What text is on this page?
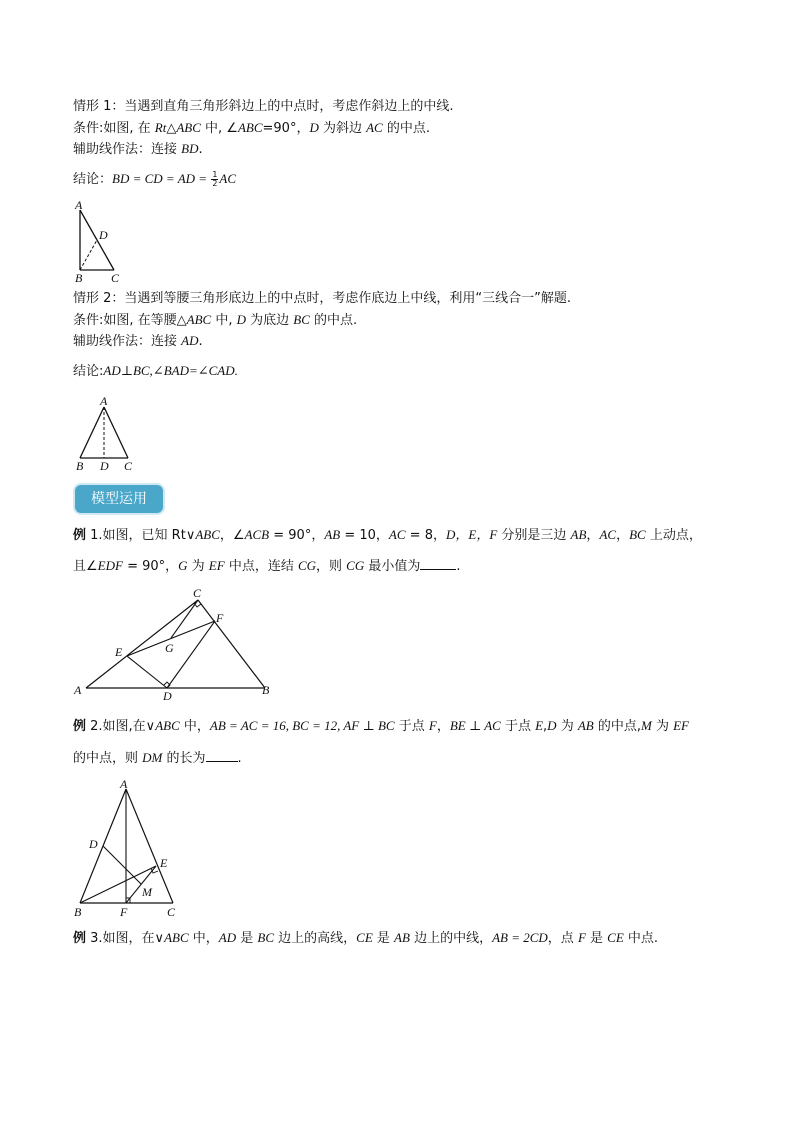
情形 1：当遇到直角三角形斜边上的中点时，考虑作斜边上的中线.
条件:如图, 在 Rt△ABC 中, ∠ABC=90°，D 为斜边 AC 的中点.
辅助线作法：连接 BD.
结论：BD = CD = AD = $\frac{1}{2}$ AC
A
D
B C
情形 2：当遇到等腰三角形底边上的中点时，考虑作底边上中线，利用“三线合一”解题.
条件:如图, 在等腰△ABC 中, D 为底边 BC 的中点.
辅助线作法：连接 AD.
结论:AD⊥BC,∠BAD=∠CAD.
A
B D C
模型运用
例 1.如图，已知 Rt∨ABC，∠ACB = 90°，AB = 10，AC = 8，D，E，F 分别是三边 AB，AC，BC 上动点，
且∠EDF = 90°，G 为 EF 中点，连结 CG，则 CG 最小值为	.
A	B
C
D
E
F
G
例 2.如图,在∨ABC 中，AB = AC = 16, BC = 12, AF ⊥ BC 于点 F，BE ⊥ AC 于点 E,D 为 AB 的中点,M 为 EF
的中点，则 DM 的长为 .
A
D
E
M
B	F	C
例 3.如图，在∨ABC 中，AD 是 BC 边上的高线，CE 是 AB 边上的中线，AB = 2CD，点 F 是 CE 中点.
